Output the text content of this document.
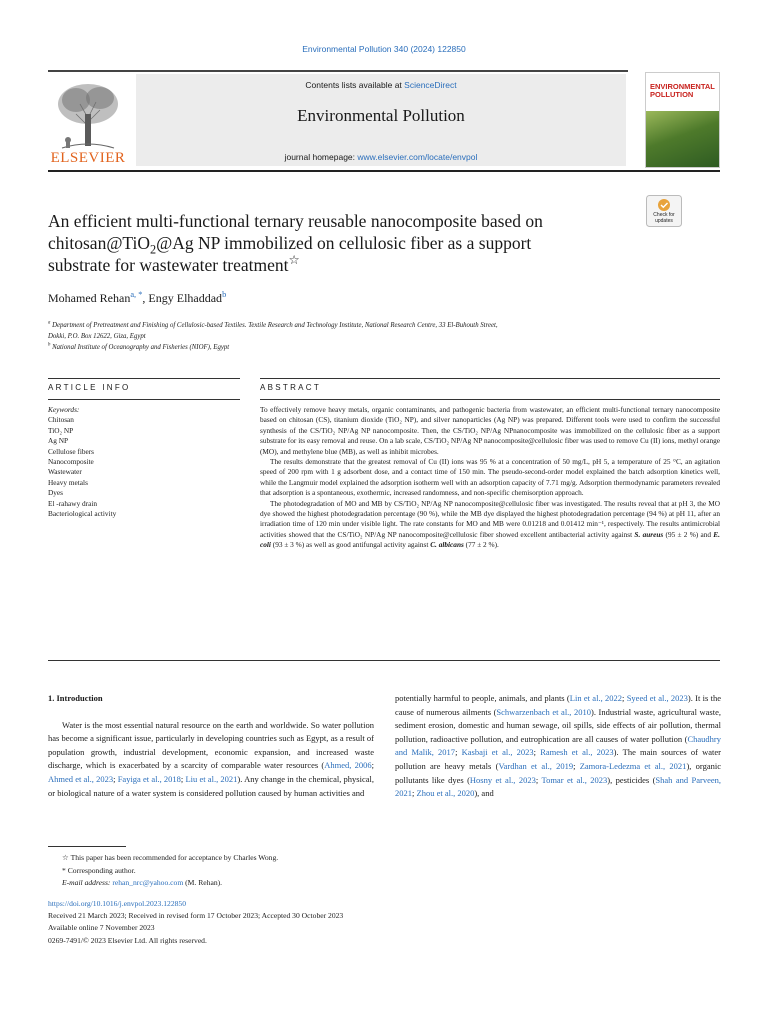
Environmental Pollution 340 (2024) 122850
ELSEVIER
Contents lists available at ScienceDirect
Environmental Pollution
journal homepage: www.elsevier.com/locate/envpol
ENVIRONMENTAL POLLUTION
Check for updates
An efficient multi-functional ternary reusable nanocomposite based on
chitosan@TiO$_2$@Ag NP immobilized on cellulosic fiber as a support
substrate for wastewater treatment☆
Mohamed Rehan$^{a, *}$, Engy Elhaddad$^b$
$^a$ Department of Pretreatment and Finishing of Cellulosic-based Textiles. Textile Research and Technology Institute, National Research Centre, 33 El-Buhouth Street,
Dokki, P.O. Box 12622, Giza, Egypt
$^b$ National Institute of Oceanography and Fisheries (NIOF), Egypt
ARTICLE INFO	ABSTRACT
Keywords:
Chitosan
TiO₂ NP
Ag NP
Cellulose fibers
Nanocomposite
Wastewater
Heavy metals
Dyes
El -rahawy drain
Bacteriological activity

To effectively remove heavy metals, organic contaminants, and pathogenic bacteria from wastewater, an efficient multi-functional ternary nanocomposite based on chitosan (CS), titanium dioxide (TiO₂ NP), and silver nanoparticles (Ag NP) was prepared. Different tools were used to confirm the successful synthesis of the CS/TiO₂ NP/Ag NP nanocomposite. Then, the CS/TiO₂ NP/Ag NPnanocomposite was immobilized on the cellulosic fiber as a support substrate for its easy removal and reuse. On a lab scale, CS/TiO₂ NP/Ag NP nanocomposite@cellulosic fiber was used to remove Cu (II) ions, methyl orange (MO), and methylene blue (MB), as well as inhibit microbes.

The results demonstrate that the greatest removal of Cu (II) ions was 95 % at a concentration of 50 mg/L, pH 5, a temperature of 25 °C, an agitation speed of 200 rpm with 1 g adsorbent dose, and a contact time of 150 min. The pseudo-second-order model explained the batch adsorption kinetics well, while the Langmuir model explained the adsorption isotherm well with an adsorption capacity of 7.71 mg/g. Adsorption thermodynamic parameters revealed that adsorption is a spontaneous, exothermic, increased randomness, and non-specific chemisorption approach.

The photodegradation of MO and MB by CS/TiO₂ NP/Ag NP nanocomposite@cellulosic fiber was investigated. The results reveal that at pH 3, the MO dye showed the highest photodegradation percentage (90 %), while the MB dye displayed the highest photodegradation percentage (94 %) at pH 11, after an irradiation time of 120 min under visible light. The rate constants for MO and MB were 0.01218 and 0.01412 min⁻¹, respectively. The results antimicrobial activities showed that the CS/TiO₂ NP/Ag NP nanocomposite@cellulosic fiber showed excellent antibacterial activity against S. aureus (95 ± 2 %) and E. coli (93 ± 3 %) as well as good antifungal activity against C. albicans (77 ± 2 %).

1. Introduction

Water is the most essential natural resource on the earth and worldwide. So water pollution has become a significant issue, particularly in developing countries such as Egypt, as a result of population growth, industrial development, economic expansion, and increased waste discharge, which is exacerbated by a scarcity of comparable water resources (Ahmed, 2006; Ahmed et al., 2023; Fayiga et al., 2018; Liu et al., 2021). Any change in the chemical, physical, or biological nature of a water system is considered pollution caused by human activities and

potentially harmful to people, animals, and plants (Lin et al., 2022; Syeed et al., 2023). It is the cause of numerous ailments (Schwarzenbach et al., 2010). Industrial waste, agricultural waste, sediment erosion, domestic and human sewage, oil spills, side effects of air pollution, thermal pollution, radioactive pollution, and eutrophication are all causes of water pollution (Chaudhry and Malik, 2017; Kasbaji et al., 2023; Ramesh et al., 2023). The main sources of water pollution are heavy metals (Vardhan et al., 2019; Zamora-Ledezma et al., 2021), organic pollutants like dyes (Hosny et al., 2023; Tomar et al., 2023), pesticides (Shah and Parveen, 2021; Zhou et al., 2020), and

☆ This paper has been recommended for acceptance by Charles Wong.

* Corresponding author.

E-mail address: rehan_nrc@yahoo.com (M. Rehan).

https://doi.org/10.1016/j.envpol.2023.122850

Received 21 March 2023; Received in revised form 17 October 2023; Accepted 30 October 2023

Available online 7 November 2023

0269-7491/© 2023 Elsevier Ltd. All rights reserved.
